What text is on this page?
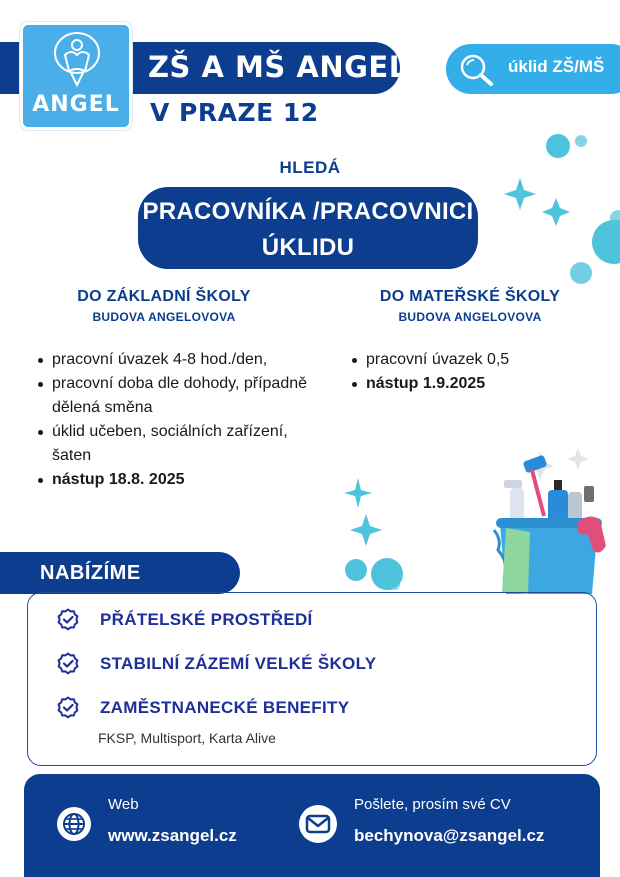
ANGEL
ZŠ A MŠ ANGEL
V PRAZE 12
úklid ZŠ/MŠ
HLEDÁ
PRACOVNÍKA /PRACOVNICI
ÚKLIDU
DO ZÁKLADNÍ ŠKOLY
BUDOVA ANGELOVOVA
pracovní úvazek 4-8 hod./den,
pracovní doba dle dohody, případně dělená směna
úklid učeben, sociálních zařízení, šaten
nástup 18.8. 2025
DO MATEŘSKÉ ŠKOLY
BUDOVA ANGELOVOVA
pracovní úvazek 0,5
nástup 1.9.2025
NABÍZÍME
PŘÁTELSKÉ PROSTŘEDÍ
STABILNÍ ZÁZEMÍ VELKÉ ŠKOLY
ZAMĚSTNANECKÉ BENEFITY
FKSP, Multisport, Karta Alive
Web
www.zsangel.cz
Pošlete, prosím své CV
bechynova@zsangel.cz
